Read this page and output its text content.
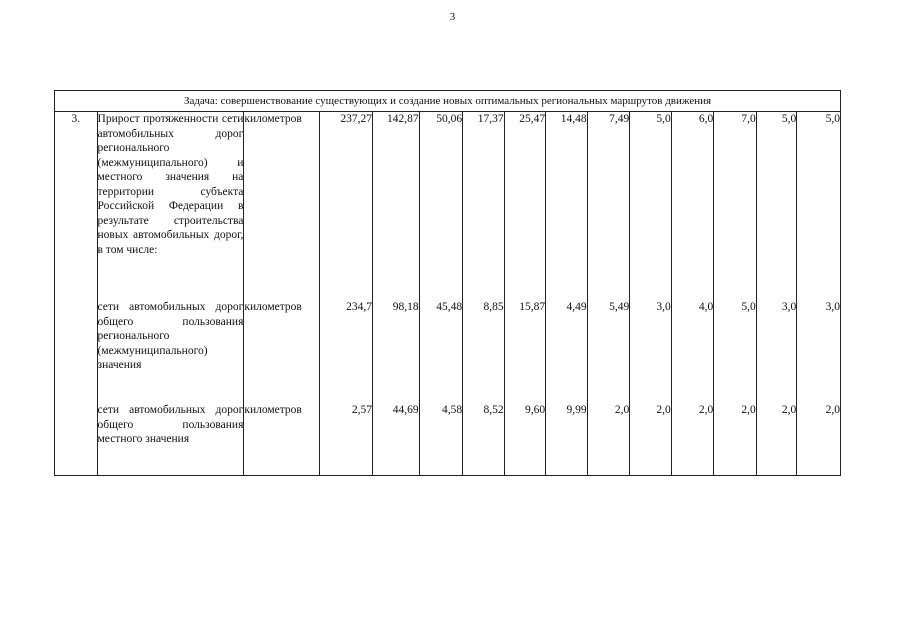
3
Задача: совершенствование существующих и создание новых оптимальных региональных маршрутов движения														
3.	Прирост протяженности сети автомобильных дорог регионального (межмуниципального) и местного значения на территории субъекта Российской Федерации в результате строительства новых автомобильных дорог, в том числе:	километров	237,27	142,87	50,06	17,37	25,47	14,48	7,49	5,0	6,0	7,0	5,0	5,0
	сети автомобильных дорог общего пользования регионального (межмуниципального) значения	километров	234,7	98,18	45,48	8,85	15,87	4,49	5,49	3,0	4,0	5,0	3,0	3,0
	сети автомобильных дорог общего пользования местного значения	километров	2,57	44,69	4,58	8,52	9,60	9,99	2,0	2,0	2,0	2,0	2,0	2,0
